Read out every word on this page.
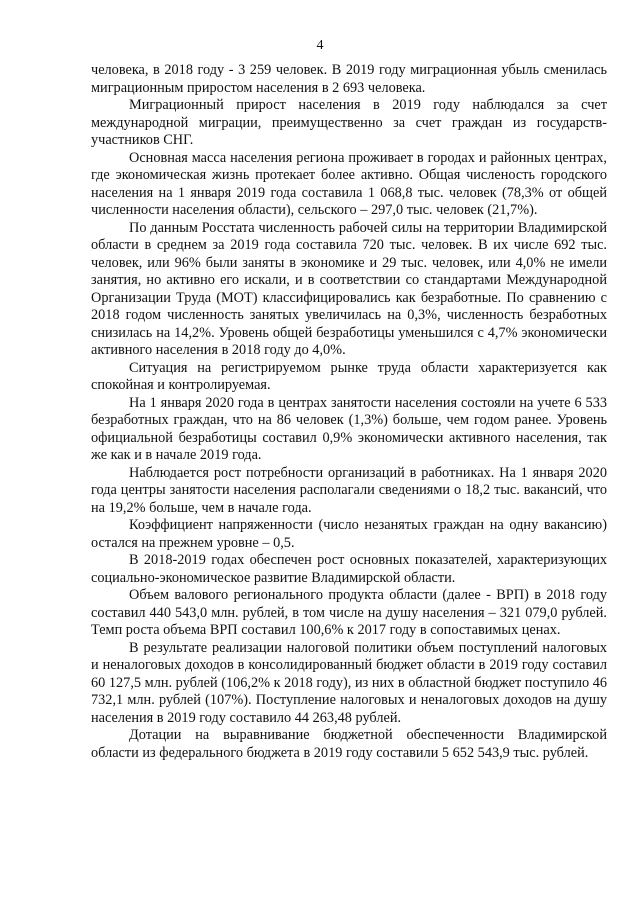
4

человека, в 2018 году - 3 259 человек. В 2019 году миграционная убыль сменилась миграционным приростом населения в 2 693 человека.

Миграционный прирост населения в 2019 году наблюдался за счет международной миграции, преимущественно за счет граждан из государств-участников СНГ.

Основная масса населения региона проживает в городах и районных центрах, где экономическая жизнь протекает более активно. Общая численость городского населения на 1 января 2019 года составила 1 068,8 тыс. человек (78,3% от общей численности населения области), сельского – 297,0 тыс. человек (21,7%).

По данным Росстата численность рабочей силы на территории Владимирской области в среднем за 2019 года составила 720 тыс. человек. В их числе 692 тыс. человек, или 96% были заняты в экономике и 29 тыс. человек, или 4,0% не имели занятия, но активно его искали, и в соответствии со стандартами Международной Организации Труда (МОТ) классифицировались как безработные. По сравнению с 2018 годом численность занятых увеличилась на 0,3%, численность безработных снизилась на 14,2%. Уровень общей безработицы уменьшился с 4,7% экономически активного населения в 2018 году до 4,0%.

Ситуация на регистрируемом рынке труда области характеризуется как спокойная и контролируемая.

На 1 января 2020 года в центрах занятости населения состояли на учете 6 533 безработных граждан, что на 86 человек (1,3%) больше, чем годом ранее. Уровень официальной безработицы составил 0,9% экономически активного населения, так же как и в начале 2019 года.

Наблюдается рост потребности организаций в работниках. На 1 января 2020 года центры занятости населения располагали сведениями о 18,2 тыс. вакансий, что на 19,2% больше, чем в начале года.

Коэффициент напряженности (число незанятых граждан на одну вакансию) остался на прежнем уровне – 0,5.

В 2018-2019 годах обеспечен рост основных показателей, характеризующих социально-экономическое развитие Владимирской области.

Объем валового регионального продукта области (далее - ВРП) в 2018 году составил 440 543,0 млн. рублей, в том числе на душу населения – 321 079,0 рублей. Темп роста объема ВРП составил 100,6% к 2017 году в сопоставимых ценах.

В результате реализации налоговой политики объем поступлений налоговых и неналоговых доходов в консолидированный бюджет области в 2019 году составил 60 127,5 млн. рублей (106,2% к 2018 году), из них в областной бюджет поступило 46 732,1 млн. рублей (107%). Поступление налоговых и неналоговых доходов на душу населения в 2019 году составило 44 263,48 рублей.

Дотации на выравнивание бюджетной обеспеченности Владимирской области из федерального бюджета в 2019 году составили 5 652 543,9 тыс. рублей.
